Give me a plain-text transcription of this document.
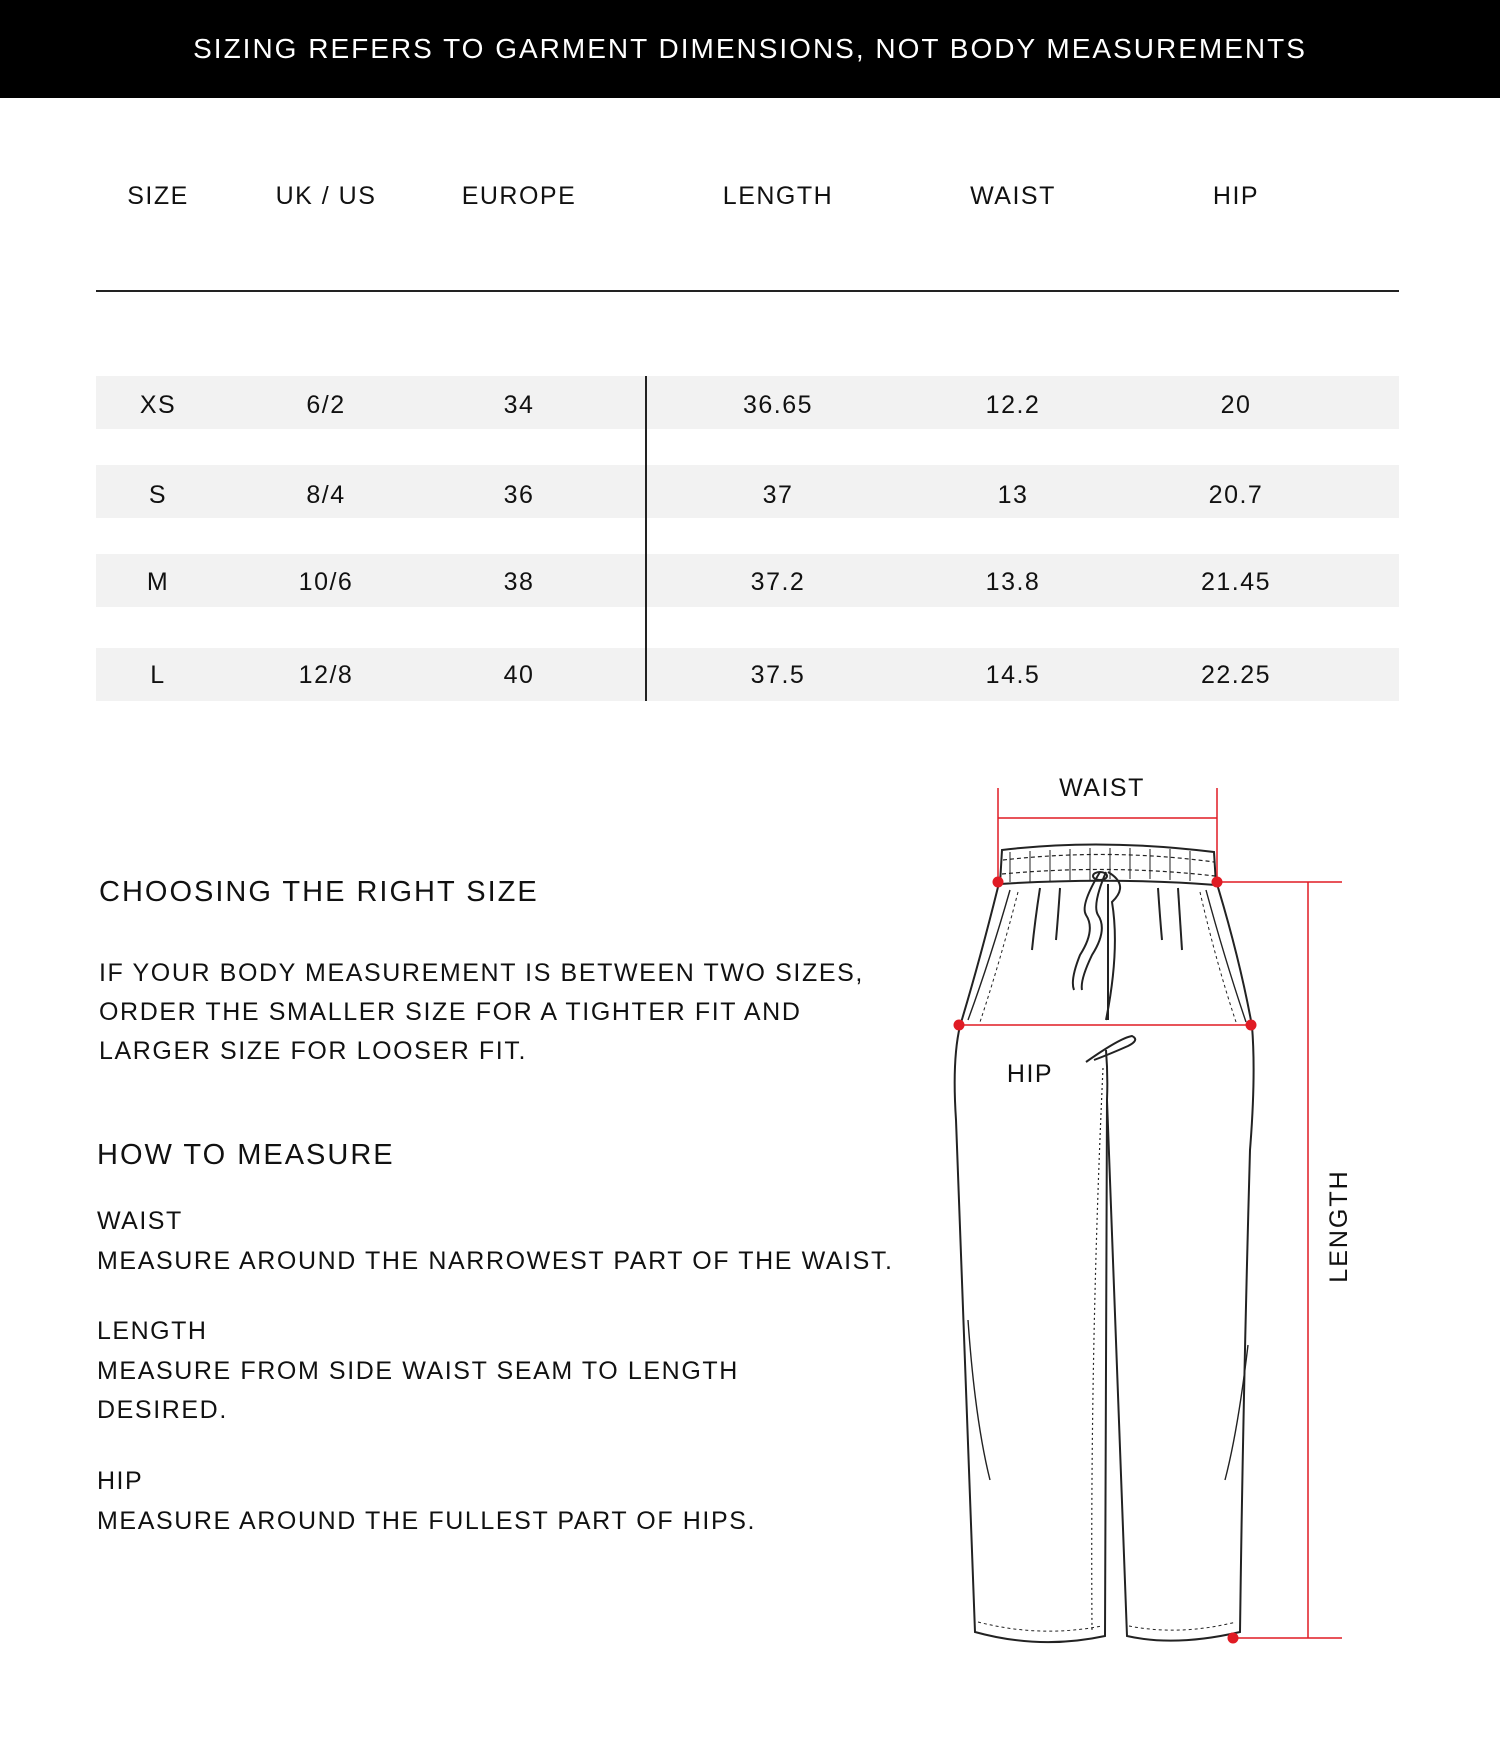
SIZING REFERS TO GARMENT DIMENSIONS, NOT BODY MEASUREMENTS
SIZE	UK / US	EUROPE	LENGTH	WAIST	HIP
XS	6/2	34	36.65	12.2	20
S	8/4	36	37	13	20.7
M	10/6	38	37.2	13.8	21.45
L	12/8	40	37.5	14.5	22.25
CHOOSING THE RIGHT SIZE
IF YOUR BODY MEASUREMENT IS BETWEEN TWO SIZES,
ORDER THE SMALLER SIZE FOR A TIGHTER FIT AND
LARGER SIZE FOR LOOSER FIT.
HOW TO MEASURE
WAIST
MEASURE AROUND THE NARROWEST PART OF THE WAIST.
LENGTH
MEASURE FROM SIDE WAIST SEAM TO LENGTH
DESIRED.
HIP
MEASURE AROUND THE FULLEST PART OF HIPS.
WAIST
HIP
LENGTH
